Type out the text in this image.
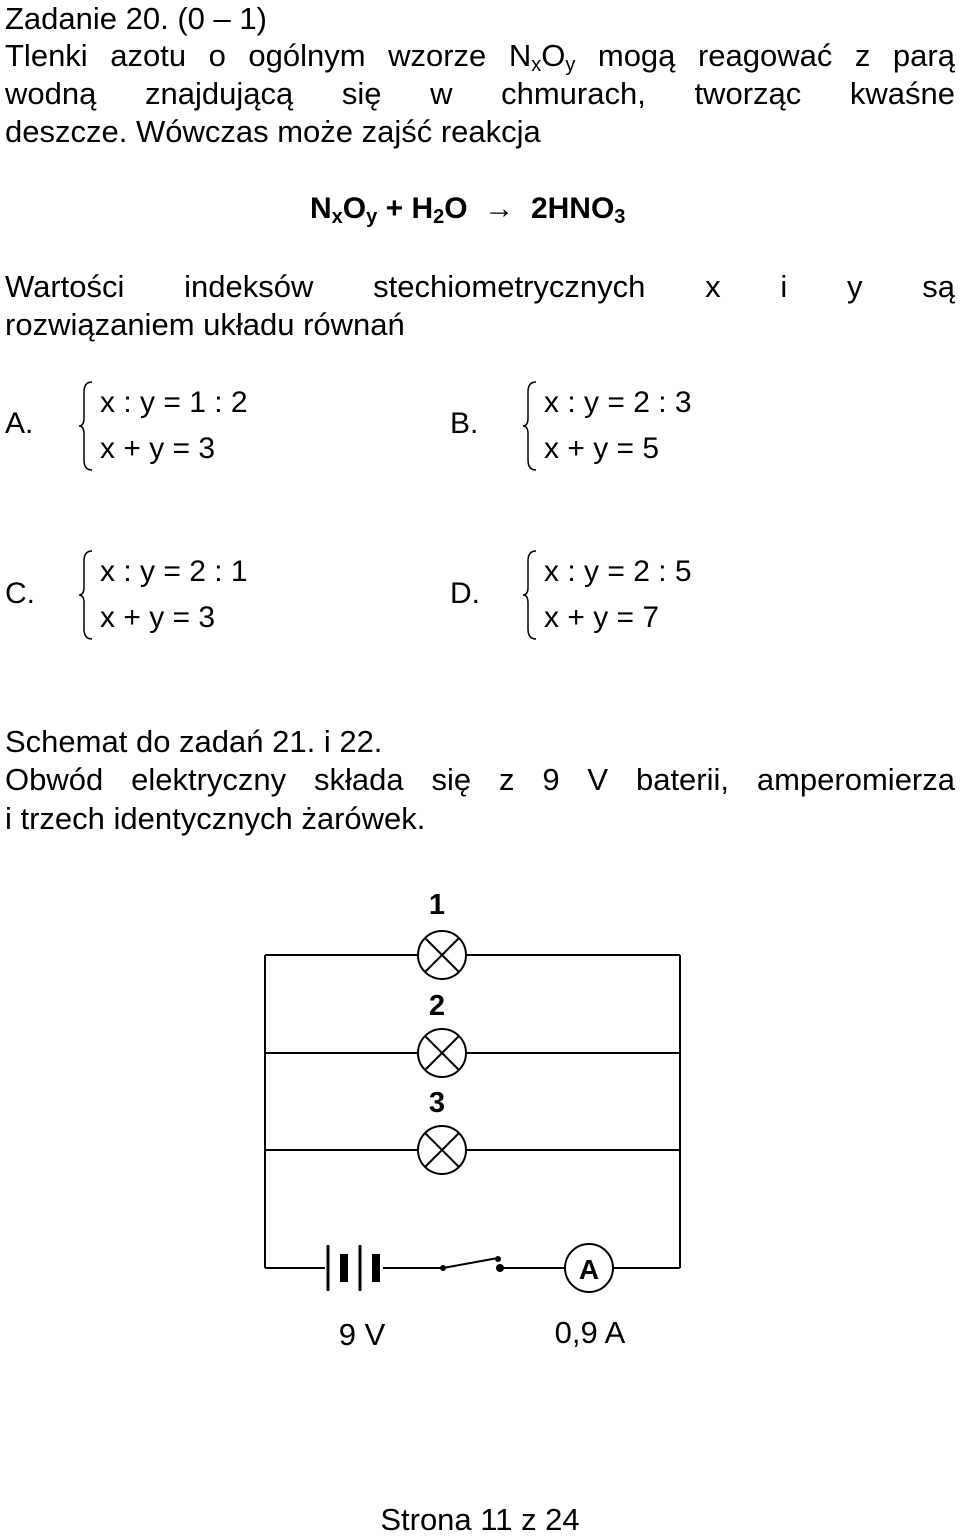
Zadanie 20. (0 – 1)
Tlenki azotu o ogólnym wzorze $N_xO_y$ mogą reagować z parą
wodną znajdującą się w chmurach, tworząc kwaśne
deszcze. Wówczas może zajść reakcja
$N_xO_y + H_2O \to 2HNO_3$
Wartości indeksów stechiometrycznych x i y są
rozwiązaniem układu równań
A.
x : y = 1 : 2
x + y = 3
B.
x : y = 2 : 3
x + y = 5
C.
x : y = 2 : 1
x + y = 3
D.
x : y = 2 : 5
x + y = 7
Schemat do zadań 21. i 22.
Obwód elektryczny składa się z 9 V baterii, amperomierza
i trzech identycznych żarówek.
A
1
2
3
9 V	0,9 A
Strona 11 z 24
